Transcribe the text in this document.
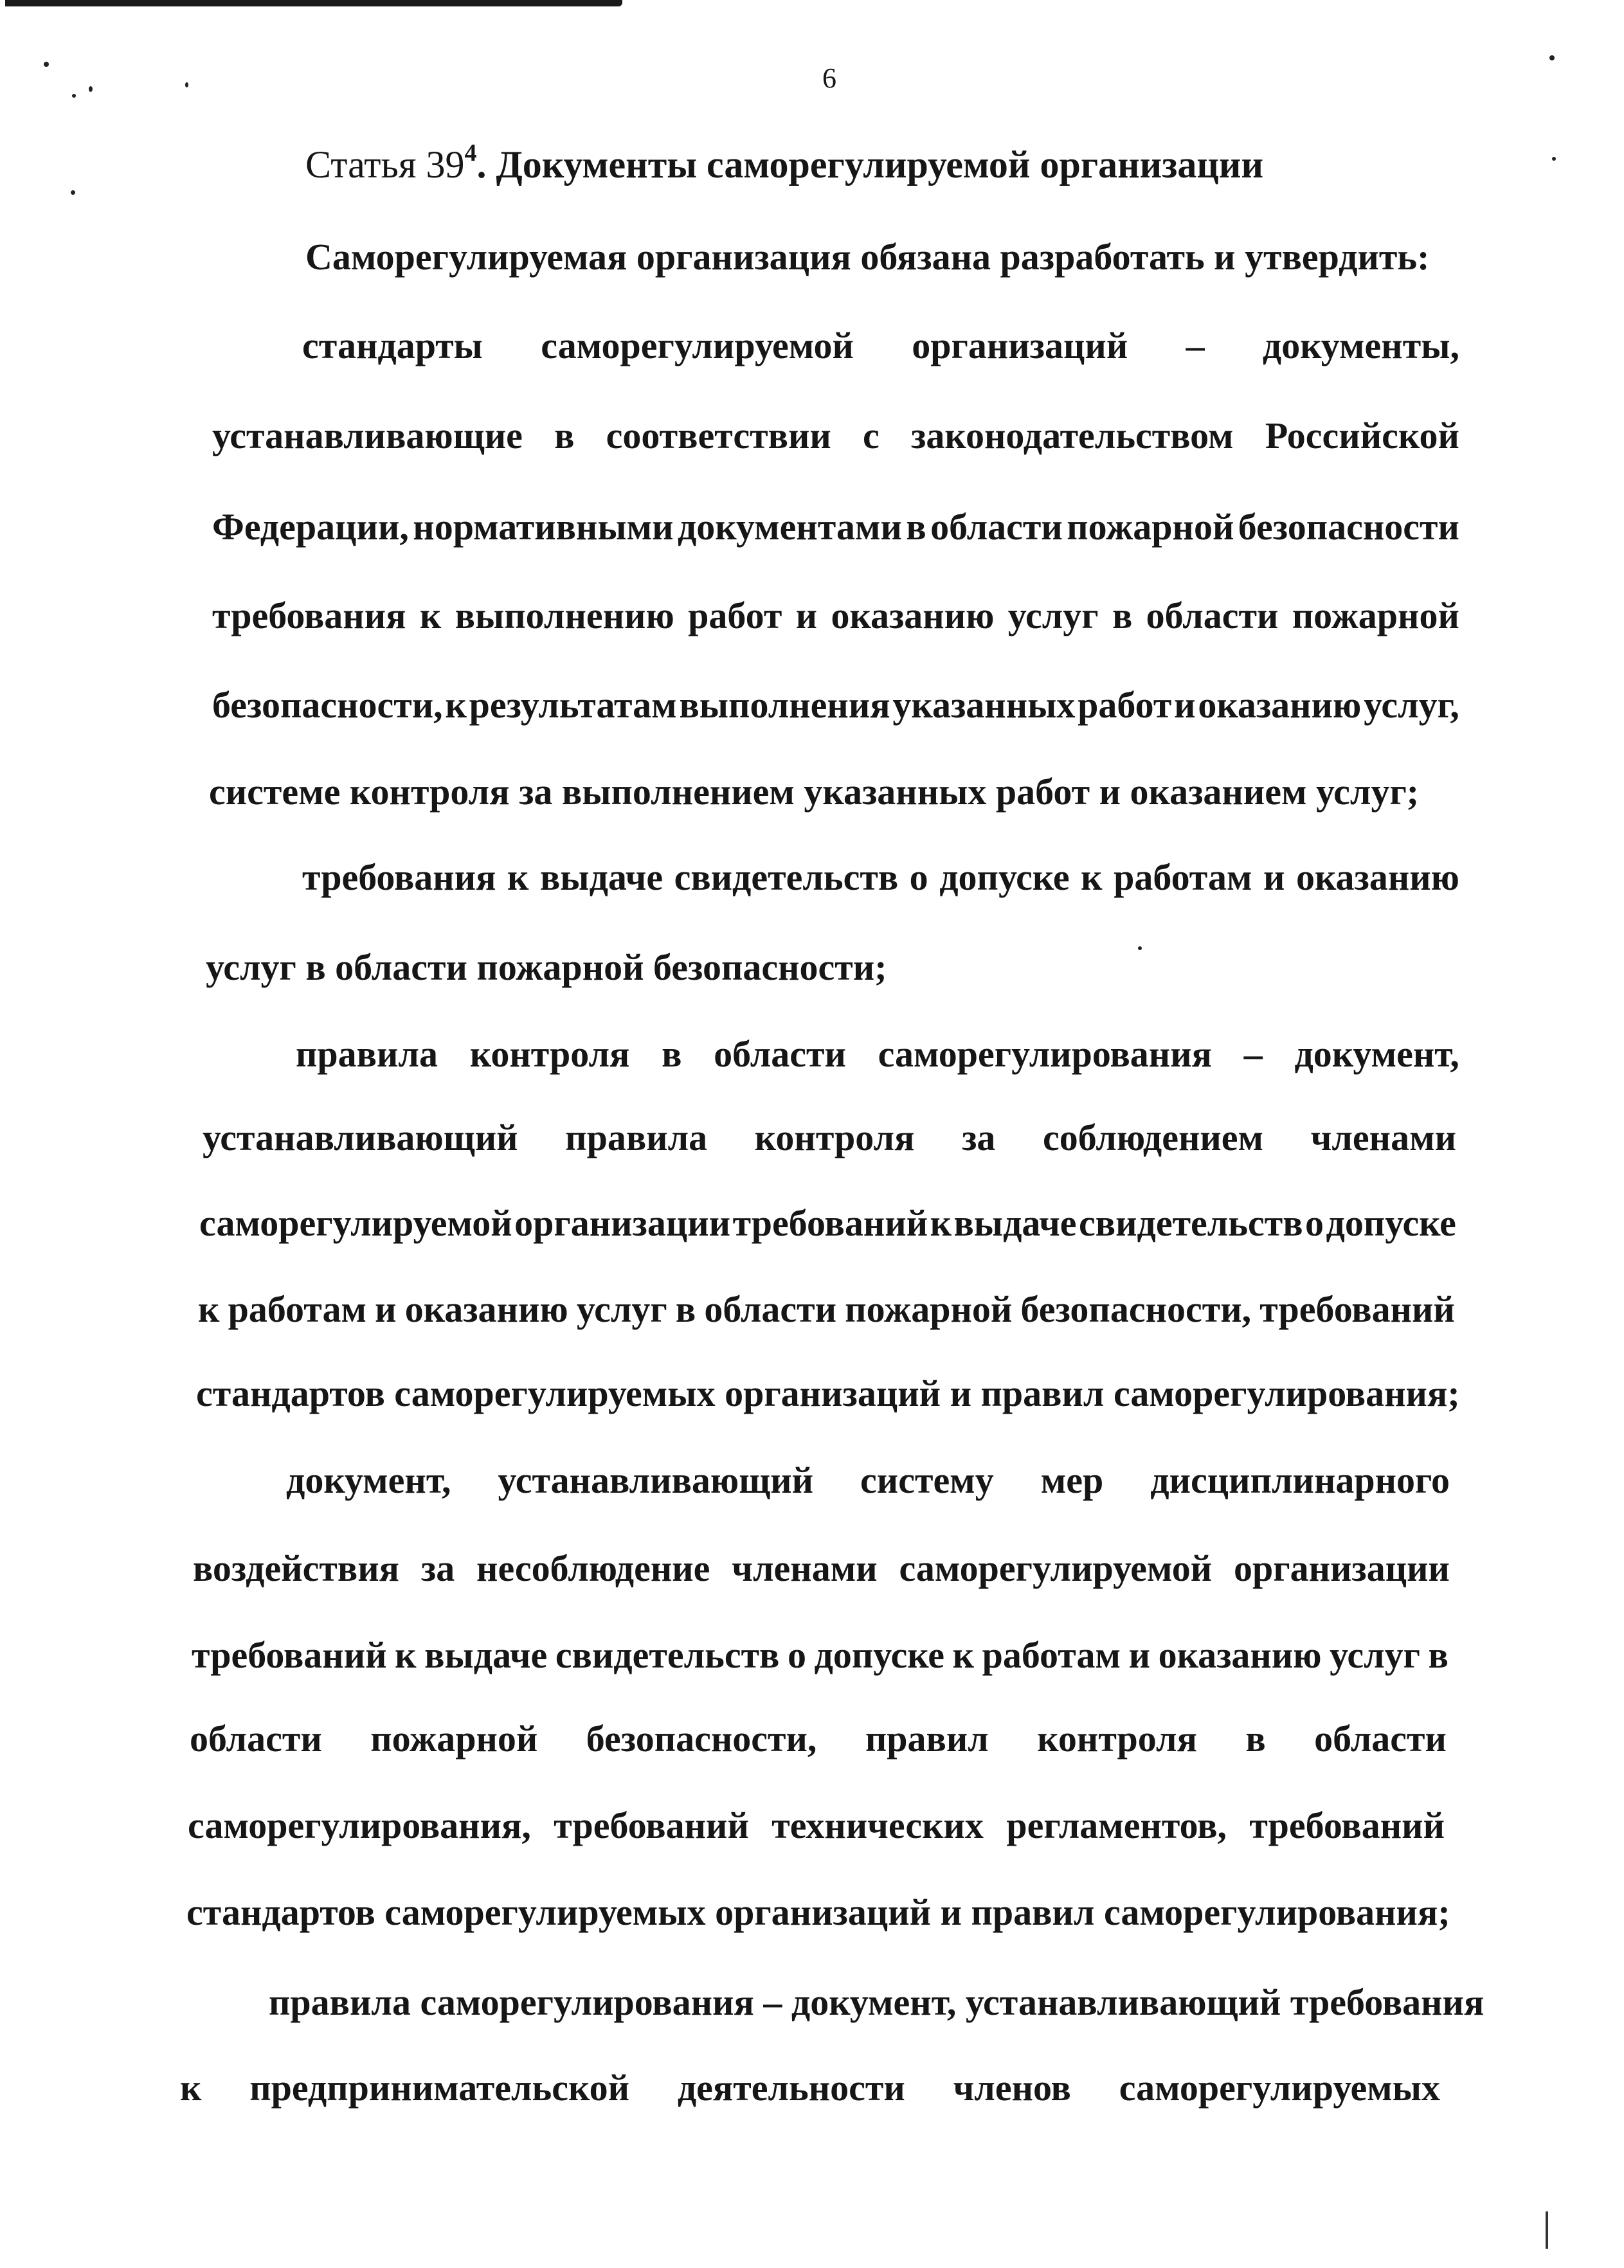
6
Статья $39^4$. Документы саморегулируемой организации
Саморегулируемая организация обязана разработать и утвердить:
стандарты саморегулируемой организаций – документы,
устанавливающие в соответствии с законодательством Российской
Федерации, нормативными документами в области пожарной безопасности
требования к выполнению работ и оказанию услуг в области пожарной
безопасности, к результатам выполнения указанных работ и оказанию услуг,
системе контроля за выполнением указанных работ и оказанием услуг;
требования к выдаче свидетельств о допуске к работам и оказанию
услуг в области пожарной безопасности;
правила контроля в области саморегулирования – документ,
устанавливающий правила контроля за соблюдением членами
саморегулируемой организации требований к выдаче свидетельств о допуске
к работам и оказанию услуг в области пожарной безопасности, требований
стандартов саморегулируемых организаций и правил саморегулирования;
документ, устанавливающий систему мер дисциплинарного
воздействия за несоблюдение членами саморегулируемой организации
требований к выдаче свидетельств о допуске к работам и оказанию услуг в
области пожарной безопасности, правил контроля в области
саморегулирования, требований технических регламентов, требований
стандартов саморегулируемых организаций и правил саморегулирования;
правила саморегулирования – документ, устанавливающий требования
к предпринимательской деятельности членов саморегулируемых
